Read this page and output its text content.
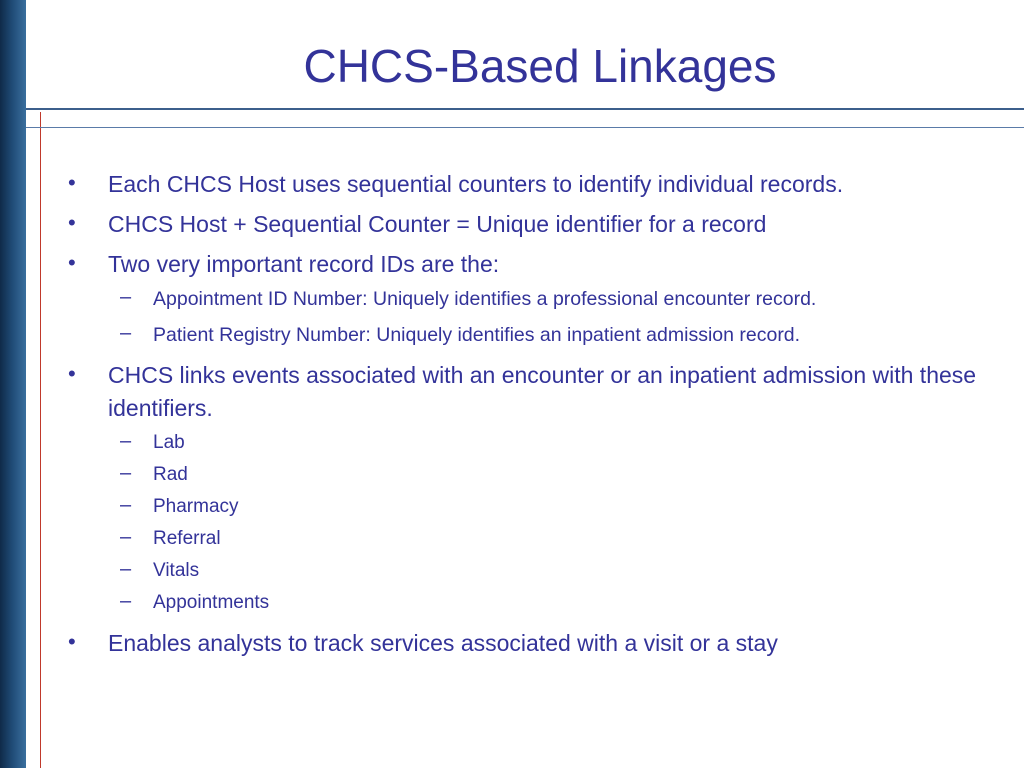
CHCS-Based Linkages
• Each CHCS Host uses sequential counters to identify individual records.
• CHCS Host + Sequential Counter = Unique identifier for a record
• Two very important record IDs are the:
– Appointment ID Number: Uniquely identifies a professional encounter record.
– Patient Registry Number: Uniquely identifies an inpatient admission record.
• CHCS links events associated with an encounter or an inpatient admission with these identifiers.
– Lab
– Rad
– Pharmacy
– Referral
– Vitals
– Appointments
• Enables analysts to track services associated with a visit or a stay
